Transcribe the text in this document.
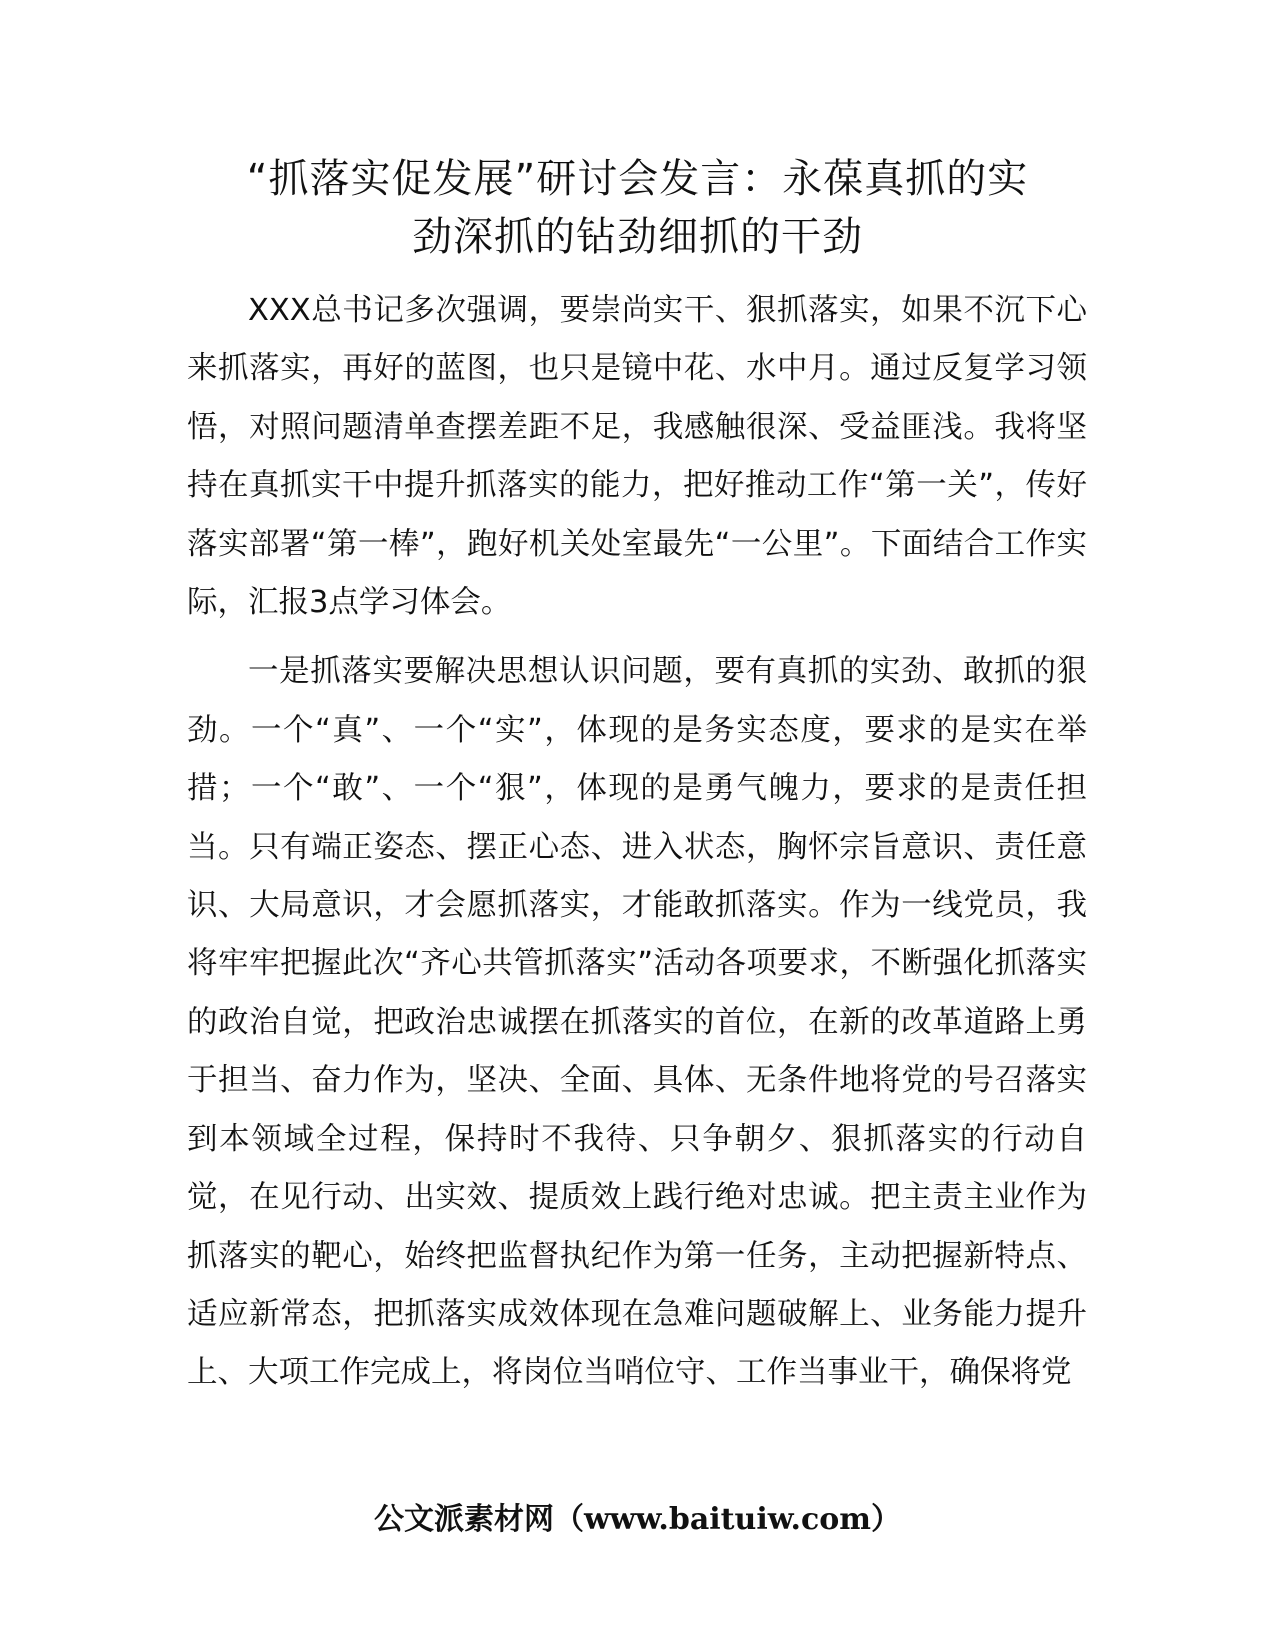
“抓落实促发展”研讨会发言：永葆真抓的实
劲深抓的钻劲细抓的干劲

XXX总书记多次强调，要崇尚实干、狠抓落实，如果不沉下心来抓落实，再好的蓝图，也只是镜中花、水中月。通过反复学习领悟，对照问题清单查摆差距不足，我感触很深、受益匪浅。我将坚持在真抓实干中提升抓落实的能力，把好推动工作“第一关”，传好落实部署“第一棒”，跑好机关处室最先“一公里”。下面结合工作实际，汇报3点学习体会。

一是抓落实要解决思想认识问题，要有真抓的实劲、敢抓的狠劲。一个“真”、一个“实”，体现的是务实态度，要求的是实在举措；一个“敢”、一个“狠”，体现的是勇气魄力，要求的是责任担当。只有端正姿态、摆正心态、进入状态，胸怀宗旨意识、责任意识、大局意识，才会愿抓落实，才能敢抓落实。作为一线党员，我将牢牢把握此次“齐心共管抓落实”活动各项要求，不断强化抓落实的政治自觉，把政治忠诚摆在抓落实的首位，在新的改革道路上勇于担当、奋力作为，坚决、全面、具体、无条件地将党的号召落实到本领域全过程，保持时不我待、只争朝夕、狠抓落实的行动自觉，在见行动、出实效、提质效上践行绝对忠诚。把主责主业作为抓落实的靶心，始终把监督执纪作为第一任务，主动把握新特点、适应新常态，把抓落实成效体现在急难问题破解上、业务能力提升上、大项工作完成上，将岗位当哨位守、工作当事业干，确保将党

公文派素材网（www.baituiw.com）
